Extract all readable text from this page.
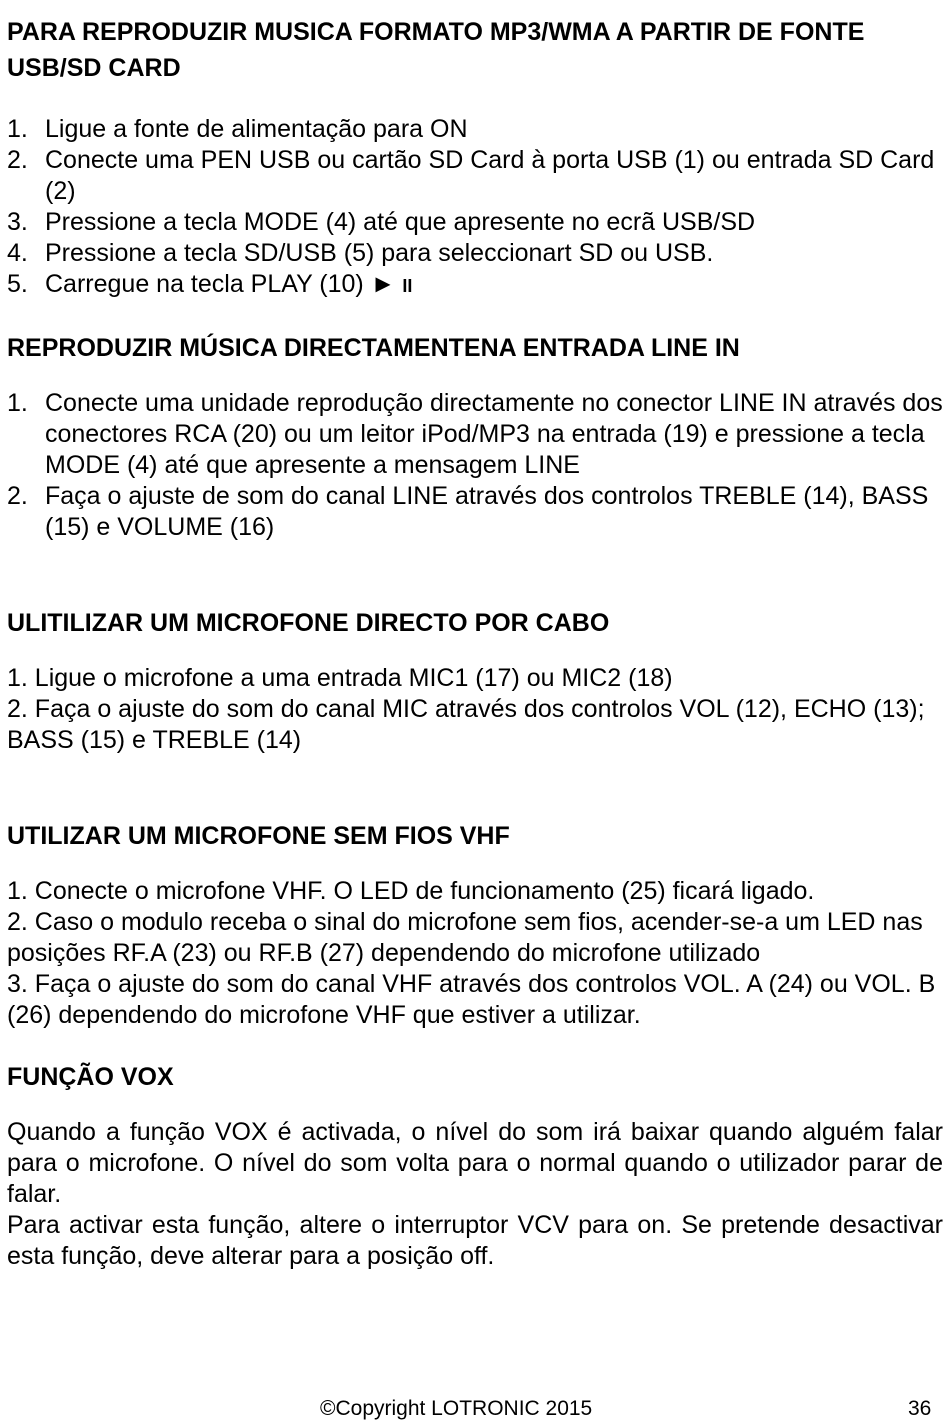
PARA REPRODUZIR MUSICA FORMATO MP3/WMA A PARTIR DE FONTE USB/SD CARD
1. Ligue a fonte de alimentação para ON
2. Conecte uma PEN USB ou cartão SD Card à porta USB (1) ou entrada SD Card (2)
3. Pressione a tecla MODE (4) até que apresente no ecrã USB/SD
4. Pressione a tecla SD/USB (5) para seleccionart SD ou USB.
5. Carregue na tecla PLAY (10) ► II
REPRODUZIR MÚSICA DIRECTAMENTENA ENTRADA LINE IN
1. Conecte uma unidade reprodução directamente no conector LINE IN através dos conectores RCA (20) ou um leitor iPod/MP3 na entrada (19) e pressione a tecla MODE (4) até que apresente a mensagem LINE
2. Faça o ajuste de som do canal LINE através dos controlos TREBLE (14), BASS (15) e VOLUME (16)
ULITILIZAR UM MICROFONE DIRECTO POR CABO

1. Ligue o microfone a uma entrada MIC1 (17) ou MIC2 (18)

2. Faça o ajuste do som do canal MIC através dos controlos VOL (12), ECHO (13); BASS (15) e TREBLE (14)

UTILIZAR UM MICROFONE SEM FIOS VHF

1. Conecte o microfone VHF. O LED de funcionamento (25) ficará ligado.

2. Caso o modulo receba o sinal do microfone sem fios, acender-se-a um LED nas posições RF.A (23) ou RF.B (27) dependendo do microfone utilizado

3. Faça o ajuste do som do canal VHF através dos controlos VOL. A (24) ou VOL. B (26) dependendo do microfone VHF que estiver a utilizar.

FUNÇÃO VOX

Quando a função VOX é activada, o nível do som irá baixar quando alguém falar para o microfone. O nível do som volta para o normal quando o utilizador parar de falar.

Para activar esta função, altere o interruptor VCV para on. Se pretende desactivar esta função, deve alterar para a posição off.

©Copyright LOTRONIC 2015	36
